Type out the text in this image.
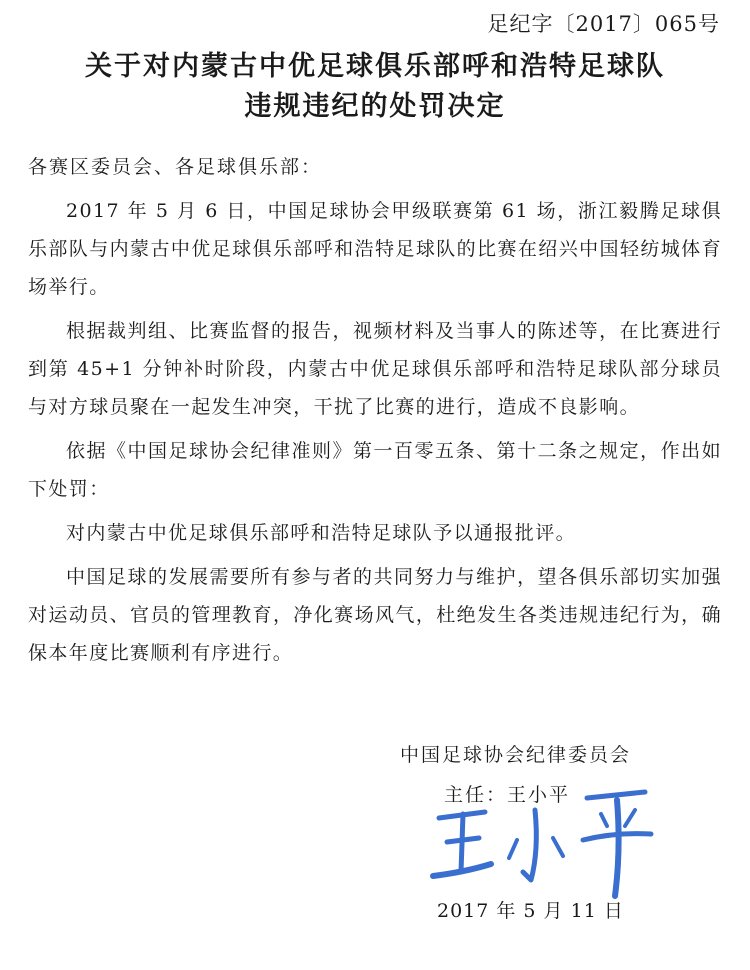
足纪字〔2017〕065号
关于对内蒙古中优足球俱乐部呼和浩特足球队
违规违纪的处罚决定
各赛区委员会、各足球俱乐部：

2017 年 5 月 6 日，中国足球协会甲级联赛第 61 场，浙江毅腾足球俱乐部队与内蒙古中优足球俱乐部呼和浩特足球队的比赛在绍兴中国轻纺城体育场举行。

根据裁判组、比赛监督的报告，视频材料及当事人的陈述等，在比赛进行到第 45+1 分钟补时阶段，内蒙古中优足球俱乐部呼和浩特足球队部分球员与对方球员聚在一起发生冲突，干扰了比赛的进行，造成不良影响。

依据《中国足球协会纪律准则》第一百零五条、第十二条之规定，作出如下处罚：

对内蒙古中优足球俱乐部呼和浩特足球队予以通报批评。

中国足球的发展需要所有参与者的共同努力与维护，望各俱乐部切实加强对运动员、官员的管理教育，净化赛场风气，杜绝发生各类违规违纪行为，确保本年度比赛顺利有序进行。

中国足球协会纪律委员会
主任：王小平
2017 年 5 月 11 日
